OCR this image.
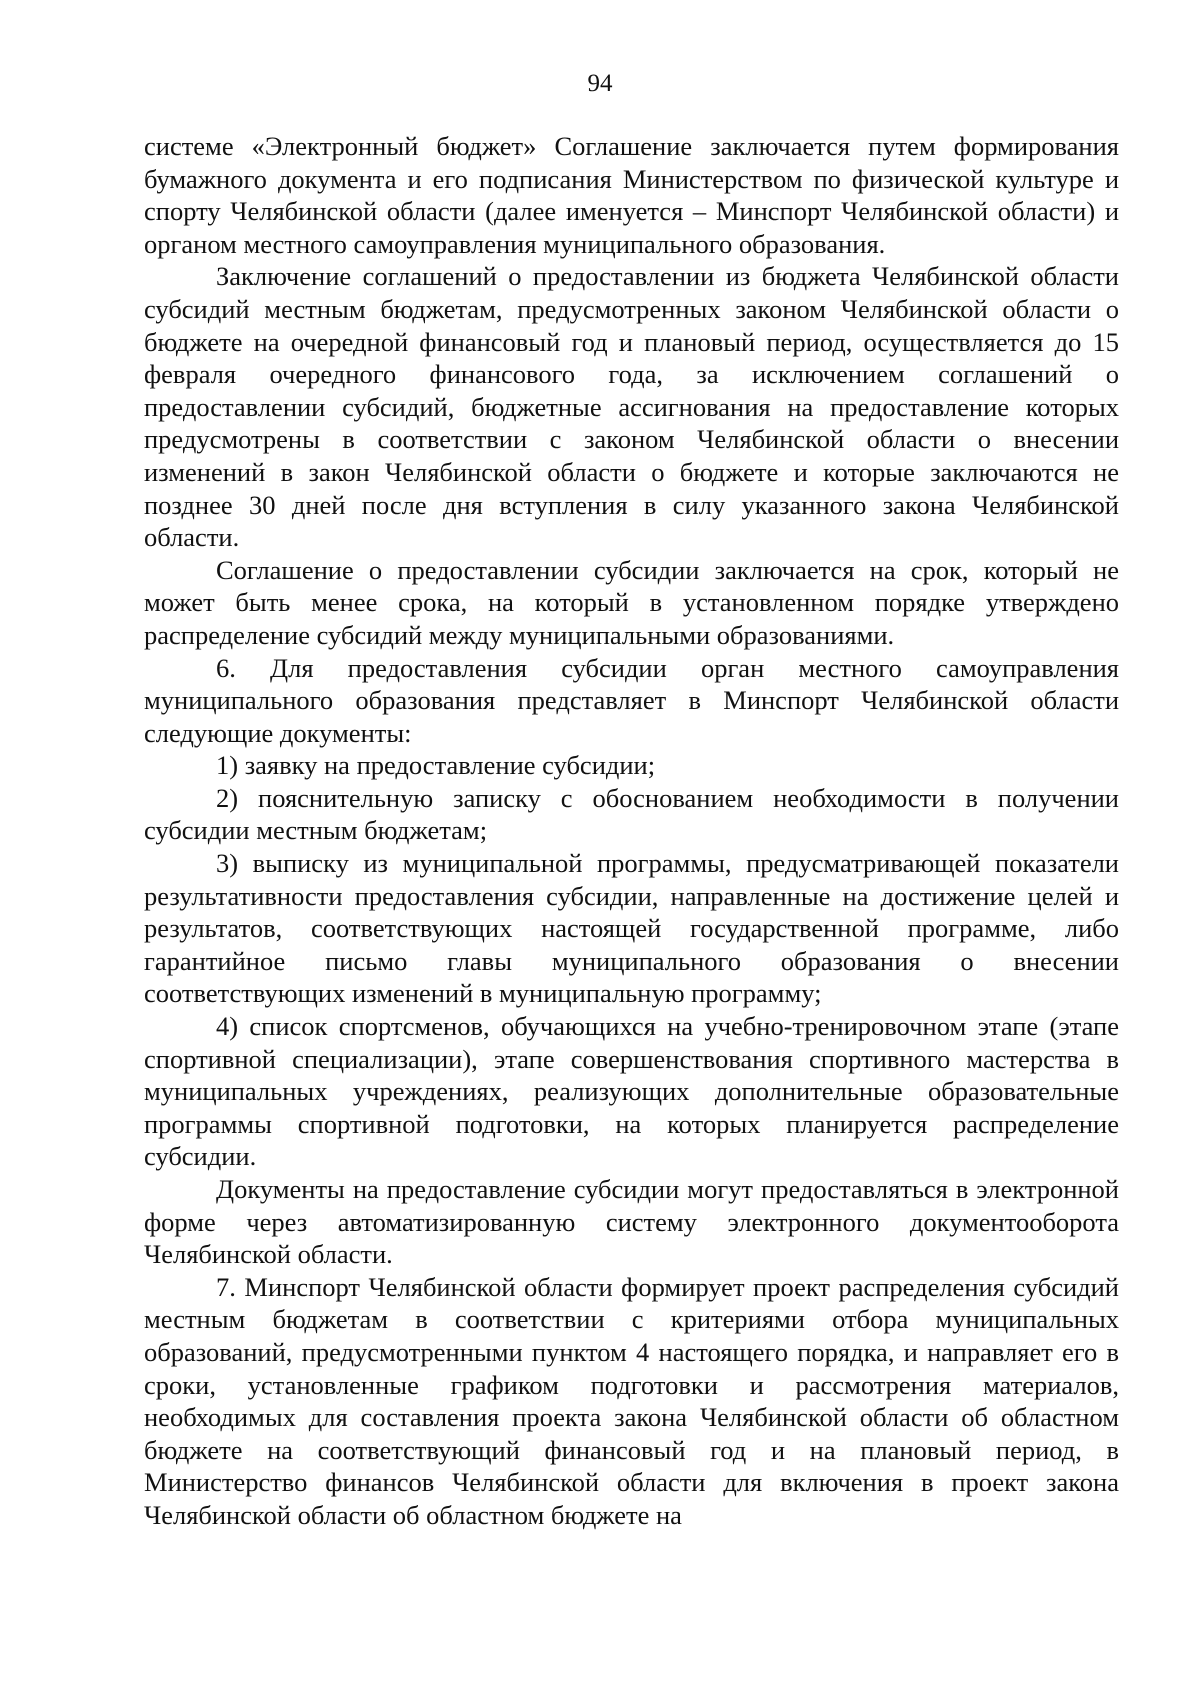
94

системе «Электронный бюджет» Соглашение заключается путем формирования бумажного документа и его подписания Министерством по физической культуре и спорту Челябинской области (далее именуется – Минспорт Челябинской области) и органом местного самоуправления муниципального образования.

Заключение соглашений о предоставлении из бюджета Челябинской области субсидий местным бюджетам, предусмотренных законом Челябинской области о бюджете на очередной финансовый год и плановый период, осуществляется до 15 февраля очередного финансового года, за исключением соглашений о предоставлении субсидий, бюджетные ассигнования на предоставление которых предусмотрены в соответствии с законом Челябинской области о внесении изменений в закон Челябинской области о бюджете и которые заключаются не позднее 30 дней после дня вступления в силу указанного закона Челябинской области.

Соглашение о предоставлении субсидии заключается на срок, который не может быть менее срока, на который в установленном порядке утверждено распределение субсидий между муниципальными образованиями.

6. Для предоставления субсидии орган местного самоуправления муниципального образования представляет в Минспорт Челябинской области следующие документы:

1) заявку на предоставление субсидии;

2) пояснительную записку с обоснованием необходимости в получении субсидии местным бюджетам;

3) выписку из муниципальной программы, предусматривающей показатели результативности предоставления субсидии, направленные на достижение целей и результатов, соответствующих настоящей государственной программе, либо гарантийное письмо главы муниципального образования о внесении соответствующих изменений в муниципальную программу;

4) список спортсменов, обучающихся на учебно-тренировочном этапе (этапе спортивной специализации), этапе совершенствования спортивного мастерства в муниципальных учреждениях, реализующих дополнительные образовательные программы спортивной подготовки, на которых планируется распределение субсидии.

Документы на предоставление субсидии могут предоставляться в электронной форме через автоматизированную систему электронного документооборота Челябинской области.

7. Минспорт Челябинской области формирует проект распределения субсидий местным бюджетам в соответствии с критериями отбора муниципальных образований, предусмотренными пунктом 4 настоящего порядка, и направляет его в сроки, установленные графиком подготовки и рассмотрения материалов, необходимых для составления проекта закона Челябинской области об областном бюджете на соответствующий финансовый год и на плановый период, в Министерство финансов Челябинской области для включения в проект закона Челябинской области об областном бюджете на
